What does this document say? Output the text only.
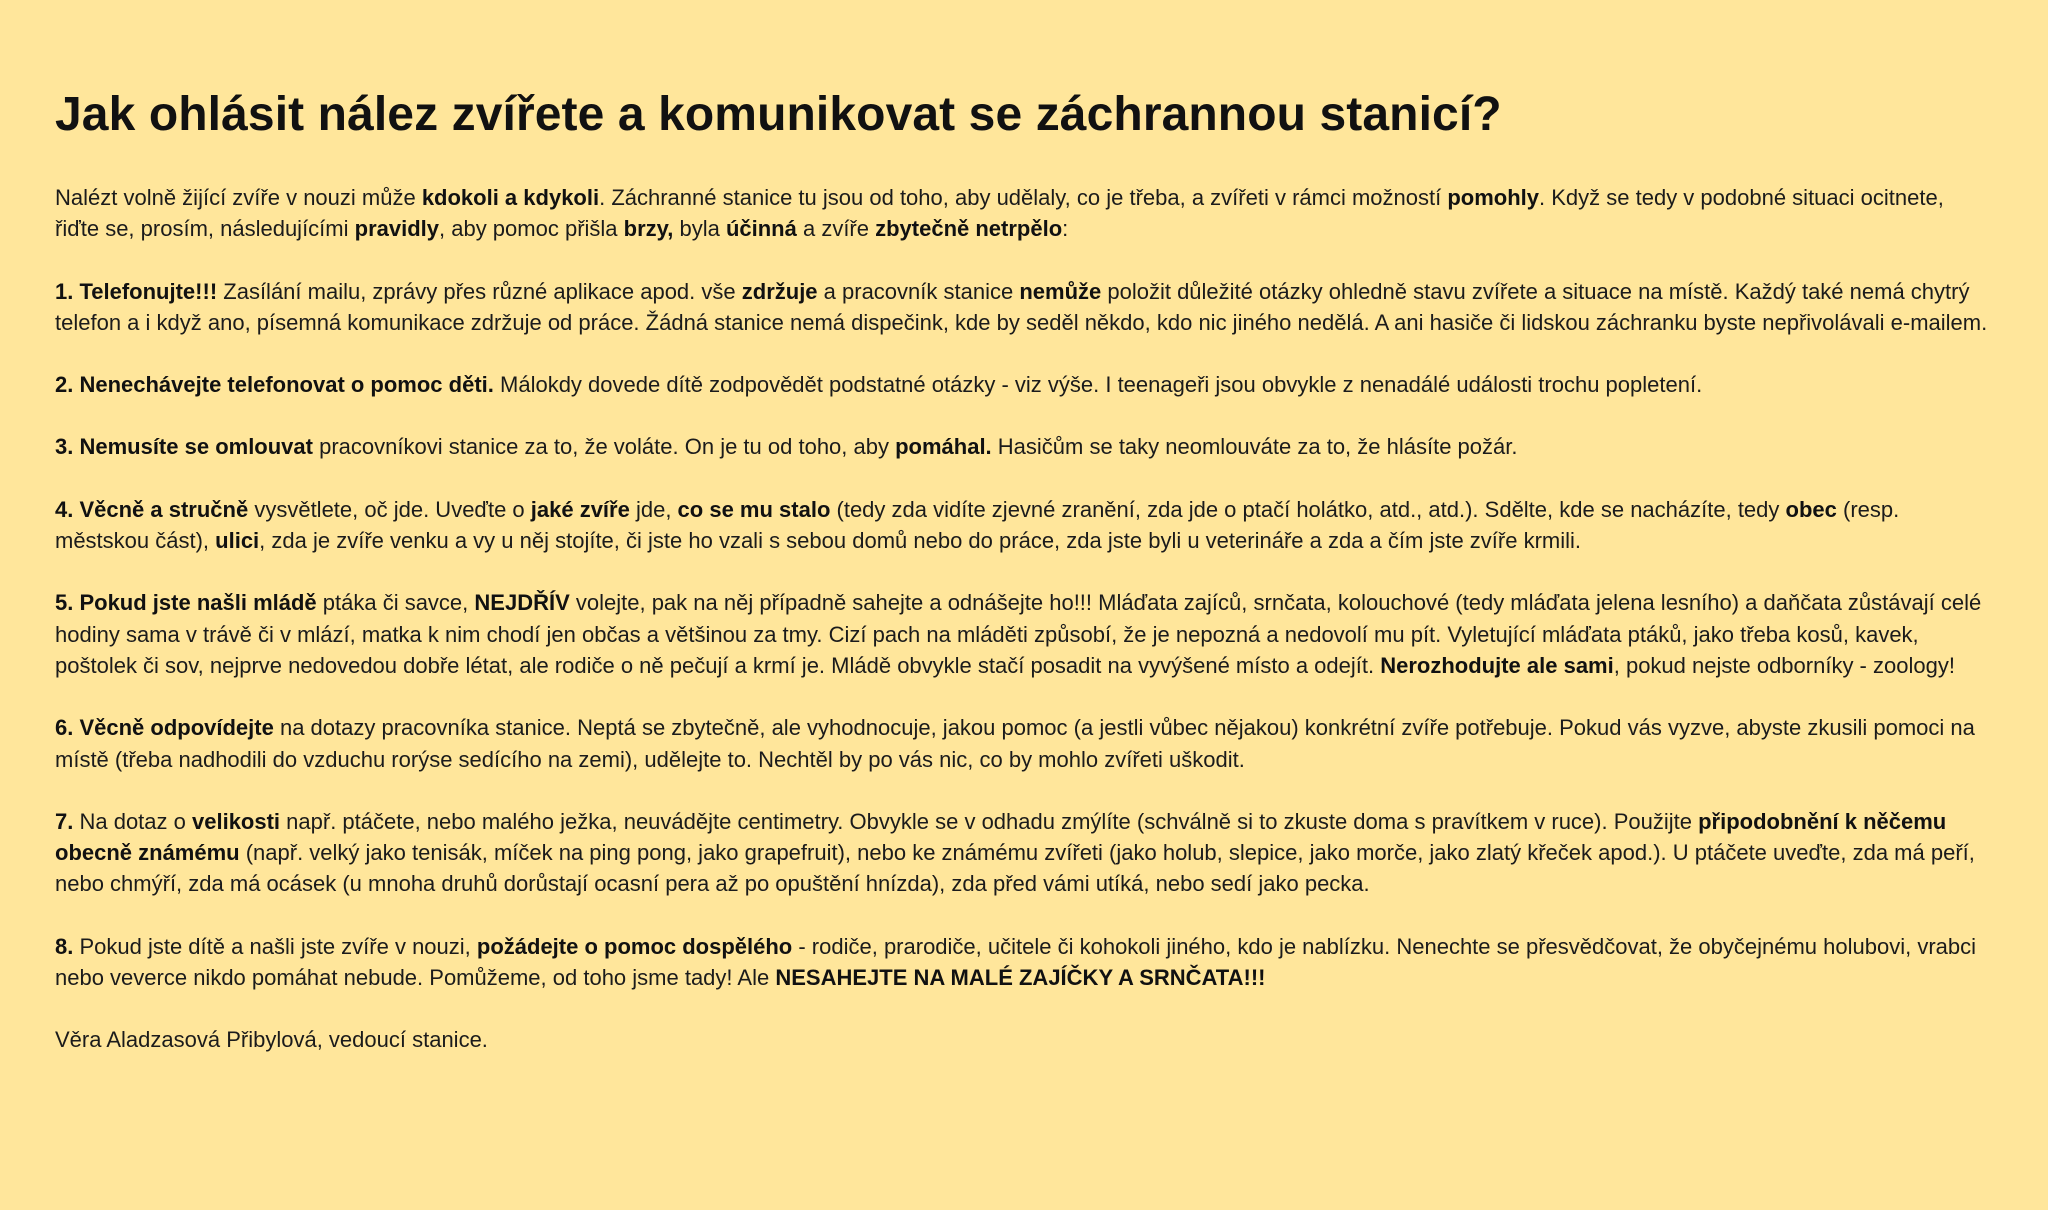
Jak ohlásit nález zvířete a komunikovat se záchrannou stanicí?

Nalézt volně žijící zvíře v nouzi může kdokoli a kdykoli. Záchranné stanice tu jsou od toho, aby udělaly, co je třeba, a zvířeti v rámci možností pomohly. Když se tedy v podobné situaci ocitnete, řiďte se, prosím, následujícími pravidly, aby pomoc přišla brzy, byla účinná a zvíře zbytečně netrpělo:

1. Telefonujte!!! Zasílání mailu, zprávy přes různé aplikace apod. vše zdržuje a pracovník stanice nemůže položit důležité otázky ohledně stavu zvířete a situace na místě. Každý také nemá chytrý telefon a i když ano, písemná komunikace zdržuje od práce. Žádná stanice nemá dispečink, kde by seděl někdo, kdo nic jiného nedělá. A ani hasiče či lidskou záchranku byste nepřivolávali e-mailem.

2. Nenechávejte telefonovat o pomoc děti. Málokdy dovede dítě zodpovědět podstatné otázky - viz výše. I teenageři jsou obvykle z nenadálé události trochu popletení.

3. Nemusíte se omlouvat pracovníkovi stanice za to, že voláte. On je tu od toho, aby pomáhal. Hasičům se taky neomlouváte za to, že hlásíte požár.

4. Věcně a stručně vysvětlete, oč jde. Uveďte o jaké zvíře jde, co se mu stalo (tedy zda vidíte zjevné zranění, zda jde o ptačí holátko, atd., atd.). Sdělte, kde se nacházíte, tedy obec (resp. městskou část), ulici, zda je zvíře venku a vy u něj stojíte, či jste ho vzali s sebou domů nebo do práce, zda jste byli u veterináře a zda a čím jste zvíře krmili.

5. Pokud jste našli mládě ptáka či savce, NEJDŘÍV volejte, pak na něj případně sahejte a odnášejte ho!!! Mláďata zajíců, srnčata, kolouchové (tedy mláďata jelena lesního) a daňčata zůstávají celé hodiny sama v trávě či v mlází, matka k nim chodí jen občas a většinou za tmy. Cizí pach na mláděti způsobí, že je nepozná a nedovolí mu pít. Vyletující mláďata ptáků, jako třeba kosů, kavek, poštolek či sov, nejprve nedovedou dobře létat, ale rodiče o ně pečují a krmí je. Mládě obvykle stačí posadit na vyvýšené místo a odejít. Nerozhodujte ale sami, pokud nejste odborníky - zoology!

6. Věcně odpovídejte na dotazy pracovníka stanice. Neptá se zbytečně, ale vyhodnocuje, jakou pomoc (a jestli vůbec nějakou) konkrétní zvíře potřebuje. Pokud vás vyzve, abyste zkusili pomoci na místě (třeba nadhodili do vzduchu rorýse sedícího na zemi), udělejte to. Nechtěl by po vás nic, co by mohlo zvířeti uškodit.

7. Na dotaz o velikosti např. ptáčete, nebo malého ježka, neuvádějte centimetry. Obvykle se v odhadu zmýlíte (schválně si to zkuste doma s pravítkem v ruce). Použijte připodobnění k něčemu obecně známému (např. velký jako tenisák, míček na ping pong, jako grapefruit), nebo ke známému zvířeti (jako holub, slepice, jako morče, jako zlatý křeček apod.). U ptáčete uveďte, zda má peří, nebo chmýří, zda má ocásek (u mnoha druhů dorůstají ocasní pera až po opuštění hnízda), zda před vámi utíká, nebo sedí jako pecka.

8. Pokud jste dítě a našli jste zvíře v nouzi, požádejte o pomoc dospělého - rodiče, prarodiče, učitele či kohokoli jiného, kdo je nablízku. Nenechte se přesvědčovat, že obyčejnému holubovi, vrabci nebo veverce nikdo pomáhat nebude. Pomůžeme, od toho jsme tady! Ale NESAHEJTE NA MALÉ ZAJÍČKY A SRNČATA!!!

Věra Aladzasová Přibylová, vedoucí stanice.
